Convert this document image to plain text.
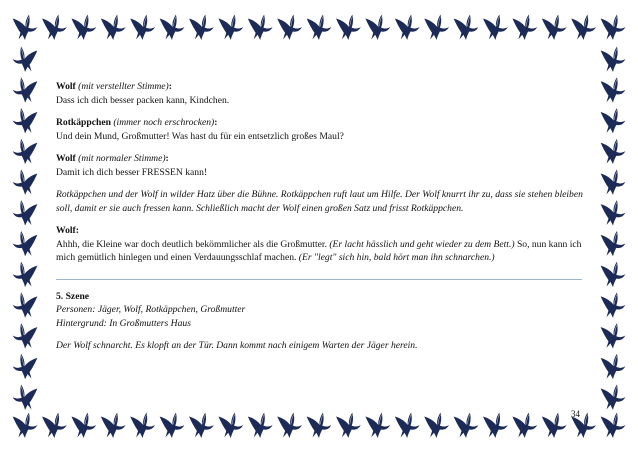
Wolf (mit verstellter Stimme):
Dass ich dich besser packen kann, Kindchen.
Rotkäppchen (immer noch erschrocken):
Und dein Mund, Großmutter! Was hast du für ein entsetzlich großes Maul?
Wolf (mit normaler Stimme):
Damit ich dich besser FRESSEN kann!
Rotkäppchen und der Wolf in wilder Hatz über die Bühne. Rotkäppchen ruft laut um Hilfe. Der Wolf knurrt ihr zu, dass sie stehen bleiben soll, damit er sie auch fressen kann. Schließlich macht der Wolf einen großen Satz und frisst Rotkäppchen.
Wolf:
Ahhh, die Kleine war doch deutlich bekömmlicher als die Großmutter. (Er lacht hässlich und geht wieder zu dem Bett.) So, nun kann ich mich gemütlich hinlegen und einen Verdauungsschlaf machen. (Er "legt" sich hin, bald hört man ihn schnarchen.)
5. Szene
Personen: Jäger, Wolf, Rotkäppchen, Großmutter
Hintergrund: In Großmutters Haus
Der Wolf schnarcht. Es klopft an der Tür. Dann kommt nach einigem Warten der Jäger herein.
34
